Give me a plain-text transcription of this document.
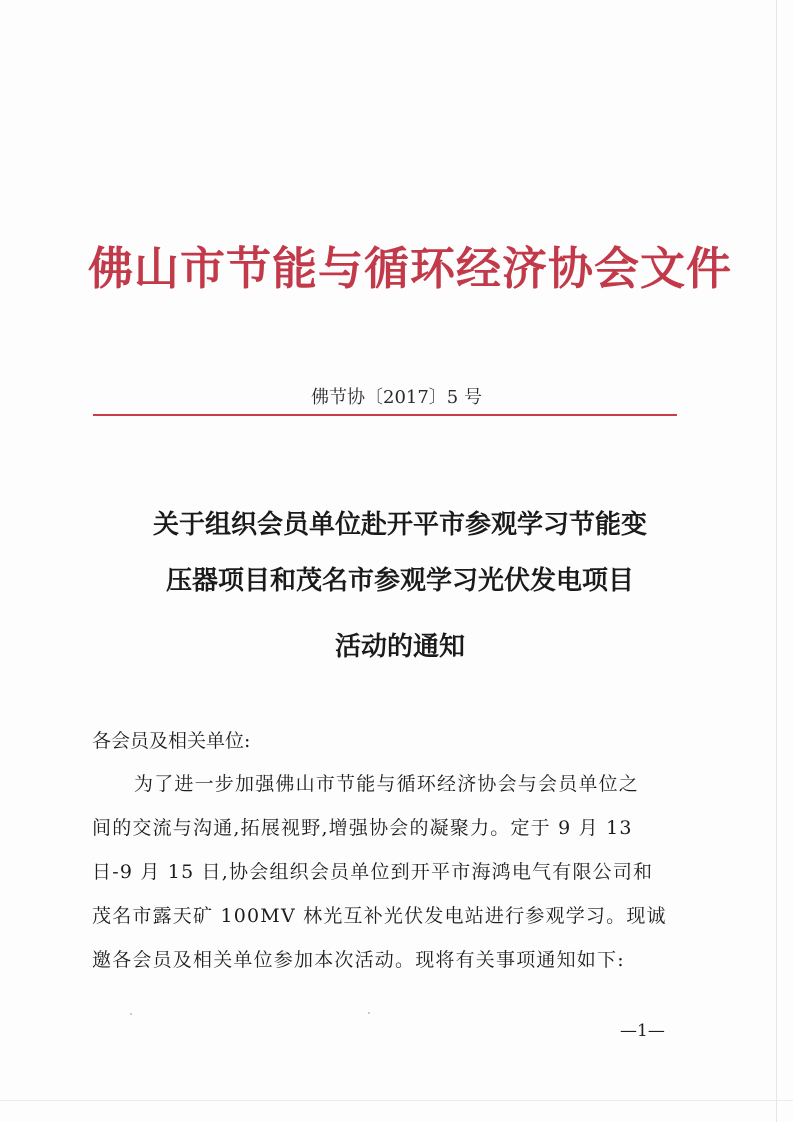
佛山市节能与循环经济协会文件
佛节协〔2017〕5 号
关于组织会员单位赴开平市参观学习节能变
压器项目和茂名市参观学习光伏发电项目
活动的通知
各会员及相关单位:
为了进一步加强佛山市节能与循环经济协会与会员单位之
间的交流与沟通,拓展视野,增强协会的凝聚力。定于 9 月 13
日-9 月 15 日,协会组织会员单位到开平市海鸿电气有限公司和
茂名市露天矿 100MV 林光互补光伏发电站进行参观学习。现诚
邀各会员及相关单位参加本次活动。现将有关事项通知如下:
—1—
